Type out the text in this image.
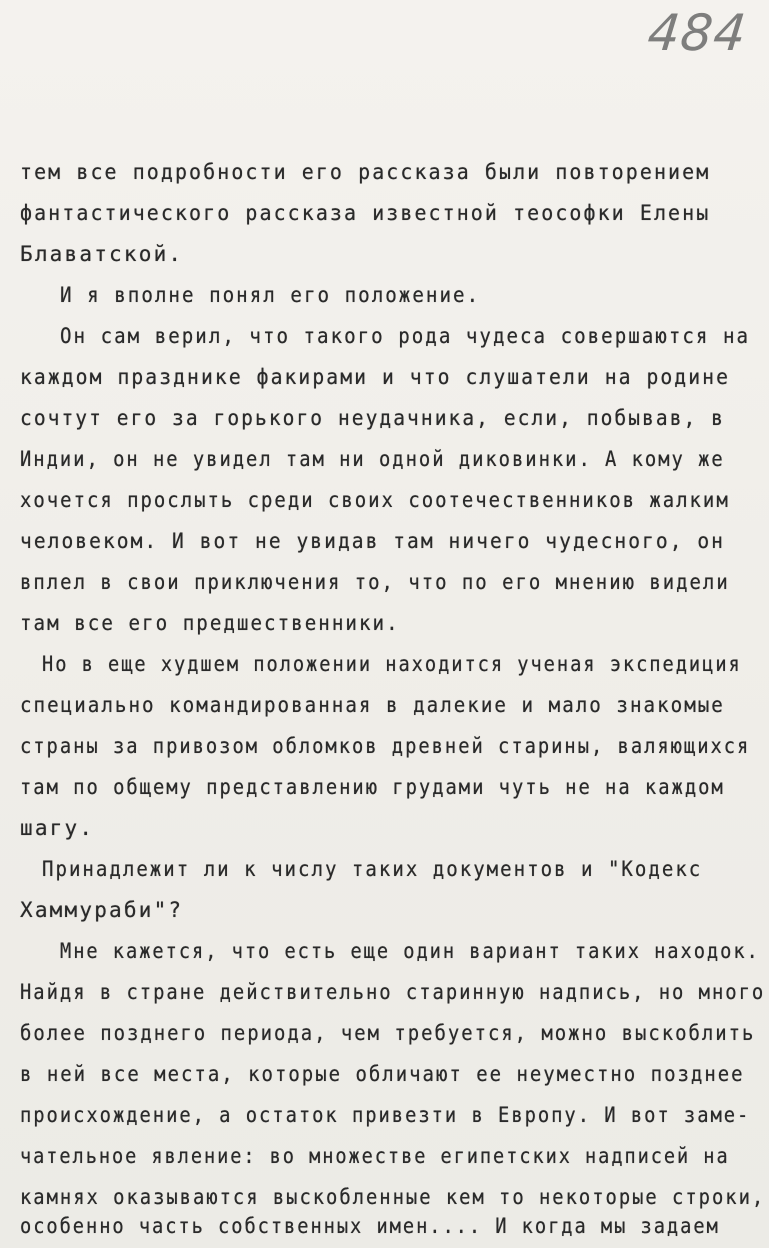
484
тем все подробности его рассказа были повторением
фантастического рассказа известной теософки Елены
Блаватской.
И я вполне понял его положение.
Он сам верил, что такого рода чудеса совершаются на
каждом празднике факирами и что слушатели на родине
сочтут его за горького неудачника, если, побывав, в
Индии, он не увидел там ни одной диковинки. А кому же
хочется прослыть среди своих соотечественников жалким
человеком. И вот не увидав там ничего чудесного, он
вплел в свои приключения то, что по его мнению видели
там все его предшественники.
Но в еще худшем положении находится ученая экспедиция
специально командированная в далекие и мало знакомые
страны за привозом обломков древней старины, валяющихся
там по общему представлению грудами чуть не на каждом
шагу.
Принадлежит ли к числу таких документов и "Кодекс
Хаммураби"?
Мне кажется, что есть еще один вариант таких находок.
Найдя в стране действительно старинную надпись, но много
более позднего периода, чем требуется, можно выскоблить
в ней все места, которые обличают ее неуместно позднее
происхождение, а остаток привезти в Европу. И вот заме-
чательное явление: во множестве египетских надписей на
камнях оказываются выскобленные кем то некоторые строки,
особенно часть собственных имен.... И когда мы задаем
